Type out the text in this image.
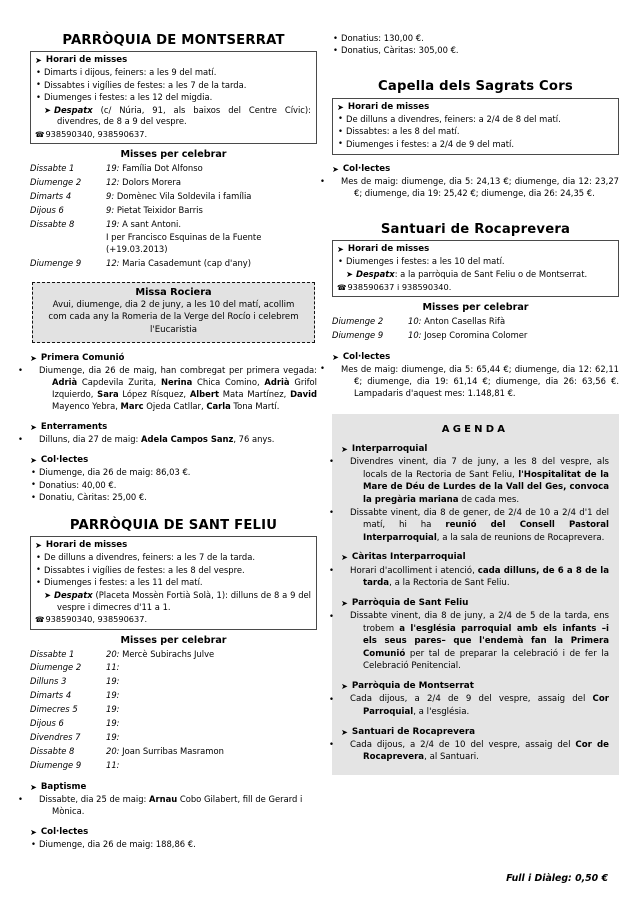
PARRÒQUIA DE MONTSERRAT
➤ Horari de misses
• Dimarts i dijous, feiners: a les 9 del matí.
• Dissabtes i vigílies de festes: a les 7 de la tarda.
• Diumenges i festes: a les 12 del migdia.
➤ Despatx (c/ Núria, 91, als baixos del Centre Cívic): divendres, de 8 a 9 del vespre.
☎938590340, 938590637.
Misses per celebrar
Dissabte 1	19: Família Dot Alfonso
Diumenge 2	12: Dolors Morera
Dimarts 4	9: Domènec Vila Soldevila i família
Dijous 6	9: Pietat Teixidor Barris
Dissabte 8	19: A sant Antoni.
I per Francisco Esquinas de la Fuente (+19.03.2013)

Diumenge 9	12: Maria Casademunt (cap d'any)
Missa Rociera
Avui, diumenge, dia 2 de juny, a les 10 del matí, acollim com cada any la Romeria de la Verge del Rocío i celebrem l'Eucaristia
➤ Primera Comunió
• Diumenge, dia 26 de maig, han combregat per primera vegada: Adrià Capdevila Zurita, Nerina Chica Comino, Adrià Grifol Izquierdo, Sara López Rísquez, Albert Mata Martínez, David Mayenco Yebra, Marc Ojeda Catllar, Carla Tona Martí.
➤ Enterraments
• Dilluns, dia 27 de maig: Adela Campos Sanz, 76 anys.
➤ Col·lectes
• Diumenge, dia 26 de maig: 86,03 €.
• Donatius: 40,00 €.
• Donatiu, Càritas: 25,00 €.
PARRÒQUIA DE SANT FELIU
➤ Horari de misses
• De dilluns a divendres, feiners: a les 7 de la tarda.
• Dissabtes i vigílies de festes: a les 8 del vespre.
• Diumenges i festes: a les 11 del matí.
➤ Despatx (Placeta Mossèn Fortià Solà, 1): dilluns de 8 a 9 del vespre i dimecres d'11 a 1.
☎938590340, 938590637.
Misses per celebrar
Dissabte 1	20: Mercè Subirachs Julve
Diumenge 2	11:
Dilluns 3	19:
Dimarts 4	19:
Dimecres 5	19:
Dijous 6	19:
Divendres 7	19:
Dissabte 8	20: Joan Surribas Masramon
Diumenge 9	11:
➤ Baptisme
• Dissabte, dia 25 de maig: Arnau Cobo Gilabert, fill de Gerard i Mònica.
➤ Col·lectes
• Diumenge, dia 26 de maig: 188,86 €.
• Donatius: 130,00 €.
• Donatius, Càritas: 305,00 €.
Capella dels Sagrats Cors
➤ Horari de misses
• De dilluns a divendres, feiners: a 2/4 de 8 del matí.
• Dissabtes: a les 8 del matí.
• Diumenges i festes: a 2/4 de 9 del matí.
➤ Col·lectes
• Mes de maig: diumenge, dia 5: 24,13 €; diumenge, dia 12: 23,27 €; diumenge, dia 19: 25,42 €; diumenge, dia 26: 24,35 €.
Santuari de Rocaprevera
➤ Horari de misses
• Diumenges i festes: a les 10 del matí.
➤ Despatx: a la parròquia de Sant Feliu o de Montserrat.
☎938590637 i 938590340.
Misses per celebrar
Diumenge 2	10: Anton Casellas Rifà
Diumenge 9	10: Josep Coromina Colomer
➤ Col·lectes
• Mes de maig: diumenge, dia 5: 65,44 €; diumenge, dia 12: 62,11 €; diumenge, dia 19: 61,14 €; diumenge, dia 26: 63,56 €. Lampadaris d'aquest mes: 1.148,81 €.
AGENDA
➤ Interparroquial
• Divendres vinent, dia 7 de juny, a les 8 del vespre, als locals de la Rectoria de Sant Feliu, l'Hospitalitat de la Mare de Déu de Lurdes de la Vall del Ges, convoca la pregària mariana de cada mes.
• Dissabte vinent, dia 8 de gener, de 2/4 de 10 a 2/4 d'1 del matí, hi ha reunió del Consell Pastoral Interparroquial, a la sala de reunions de Rocaprevera.
➤ Càritas Interparroquial
• Horari d'acolliment i atenció, cada dilluns, de 6 a 8 de la tarda, a la Rectoria de Sant Feliu.
➤ Parròquia de Sant Feliu
• Dissabte vinent, dia 8 de juny, a 2/4 de 5 de la tarda, ens trobem a l'església parroquial amb els infants –i els seus pares– que l'endemà fan la Primera Comunió per tal de preparar la celebració i de fer la Celebració Penitencial.
➤ Parròquia de Montserrat
• Cada dijous, a 2/4 de 9 del vespre, assaig del Cor Parroquial, a l'església.
➤ Santuari de Rocaprevera
• Cada dijous, a 2/4 de 10 del vespre, assaig del Cor de Rocaprevera, al Santuari.
Full i Diàleg: 0,50 €
